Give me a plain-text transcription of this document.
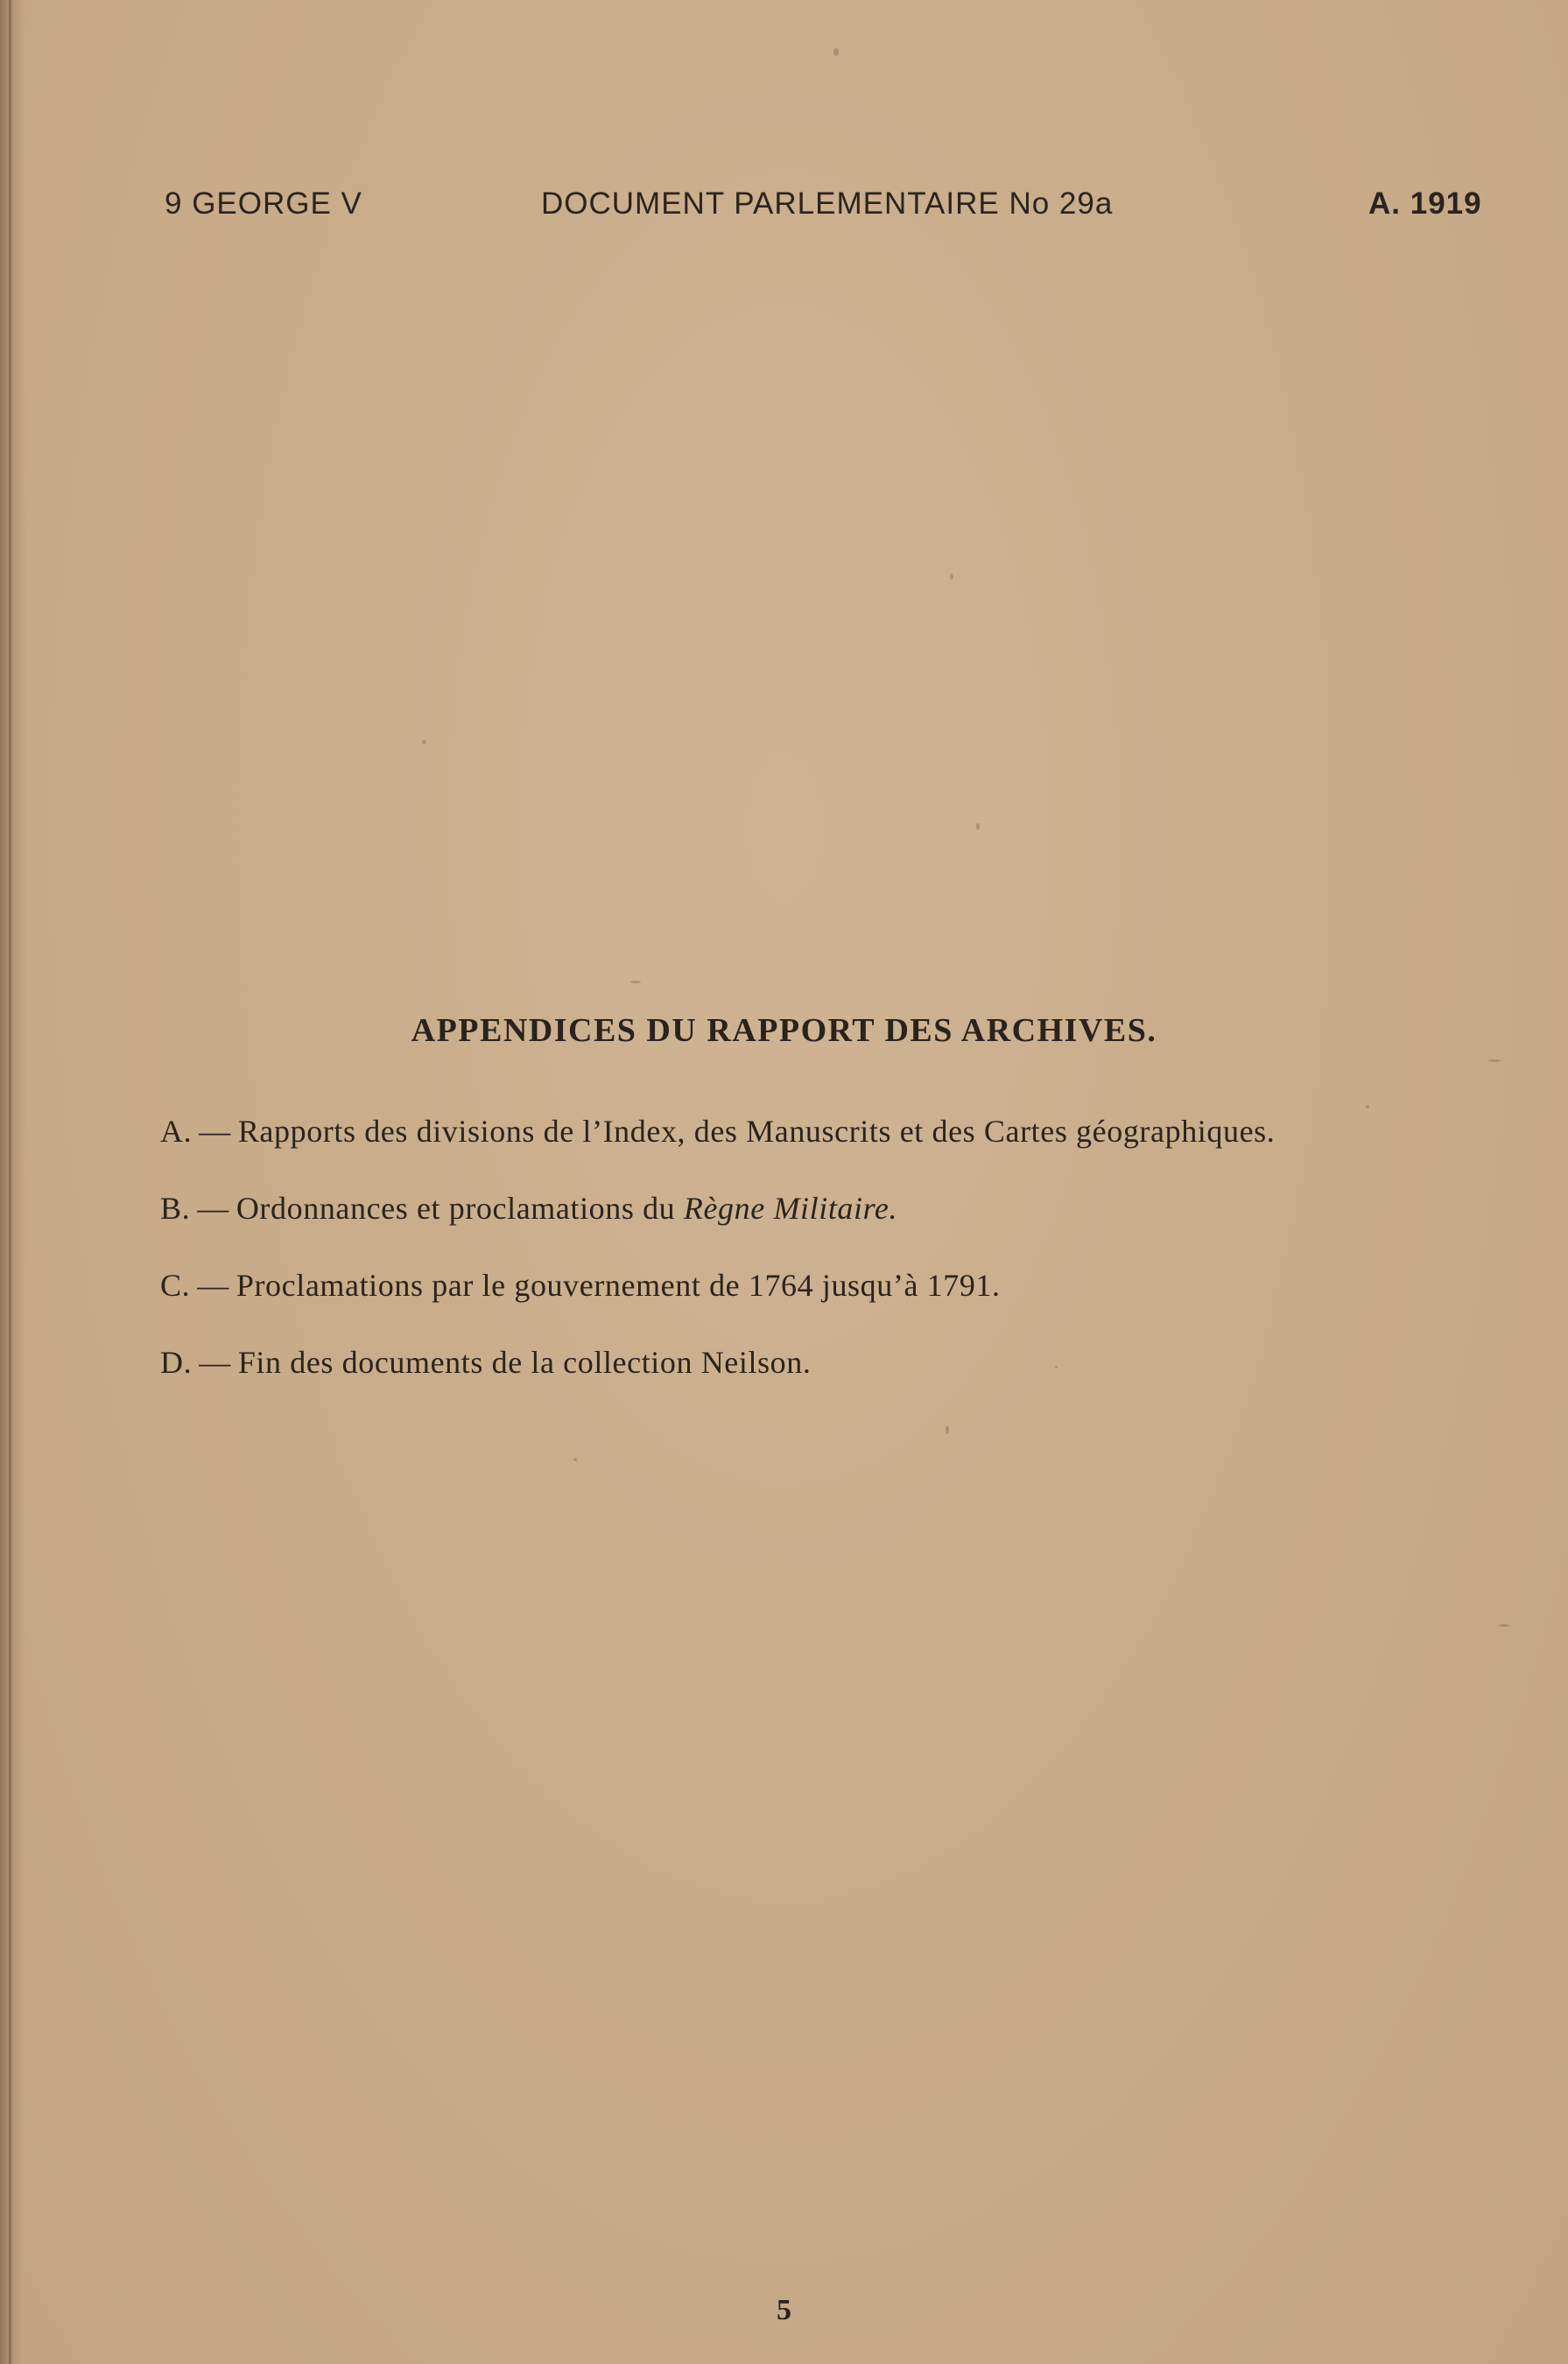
9 GEORGE V	DOCUMENT PARLEMENTAIRE No 29a	A. 1919
APPENDICES DU RAPPORT DES ARCHIVES.
A. — Rapports des divisions de l’Index, des Manuscrits et des Cartes géographiques.
B. — Ordonnances et proclamations du Règne Militaire.
C. — Proclamations par le gouvernement de 1764 jusqu’à 1791.
D. — Fin des documents de la collection Neilson.
5
